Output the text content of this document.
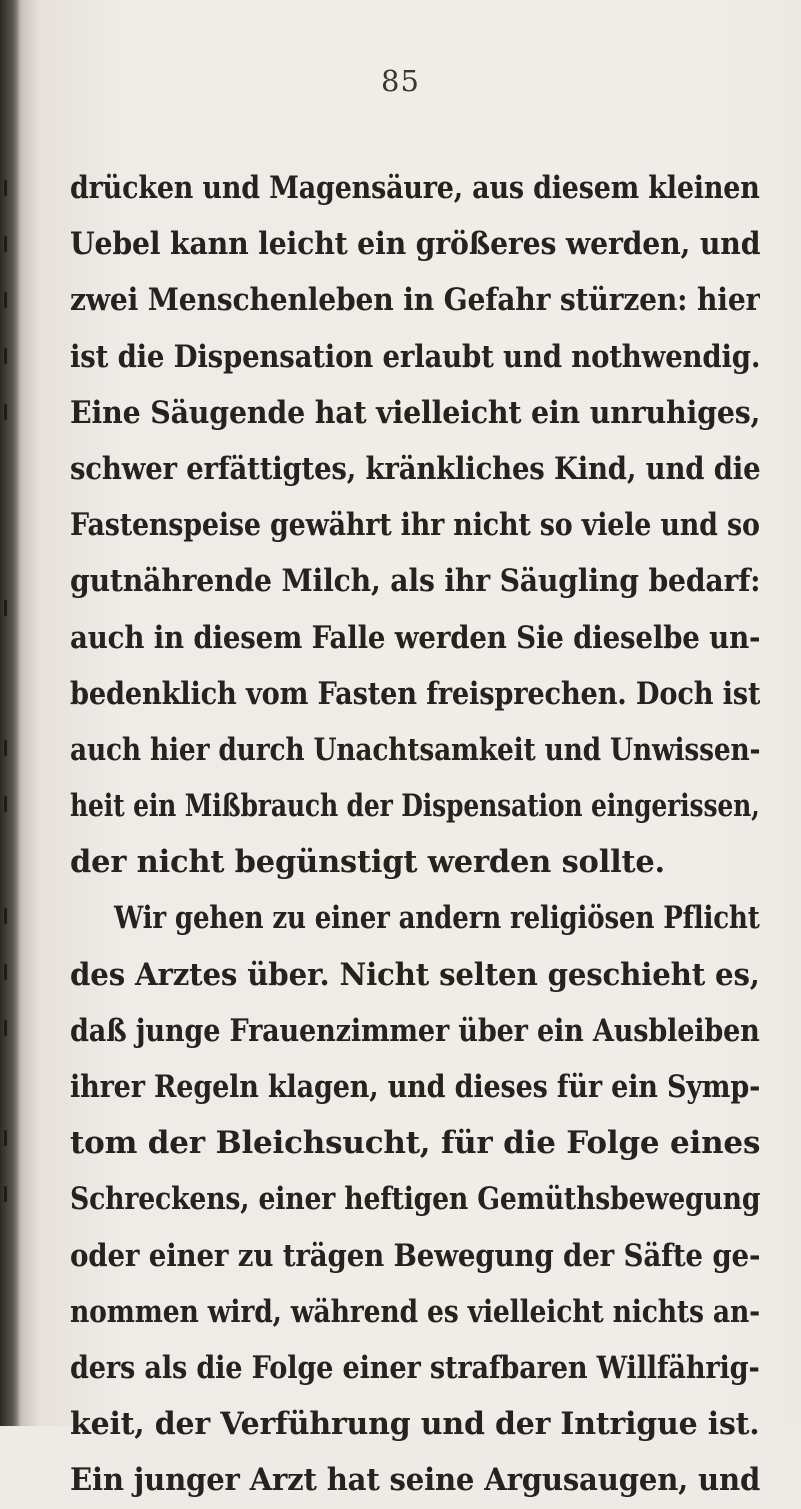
85
drücken und Magensäure, aus diesem kleinen
Uebel kann leicht ein größeres werden, und
zwei Menschenleben in Gefahr stürzen: hier
ist die Dispensation erlaubt und nothwendig.
Eine Säugende hat vielleicht ein unruhiges,
schwer erfättigtes, kränkliches Kind, und die
Fastenspeise gewährt ihr nicht so viele und so
gutnährende Milch, als ihr Säugling bedarf:
auch in diesem Falle werden Sie dieselbe un-
bedenklich vom Fasten freisprechen. Doch ist
auch hier durch Unachtsamkeit und Unwissen-
heit ein Mißbrauch der Dispensation eingerissen,
der nicht begünstigt werden sollte.
Wir gehen zu einer andern religiösen Pflicht
des Arztes über. Nicht selten geschieht es,
daß junge Frauenzimmer über ein Ausbleiben
ihrer Regeln klagen, und dieses für ein Symp-
tom der Bleichsucht, für die Folge eines
Schreckens, einer heftigen Gemüthsbewegung
oder einer zu trägen Bewegung der Säfte ge-
nommen wird, während es vielleicht nichts an-
ders als die Folge einer strafbaren Willfährig-
keit, der Verführung und der Intrigue ist.
Ein junger Arzt hat seine Argusaugen, und
